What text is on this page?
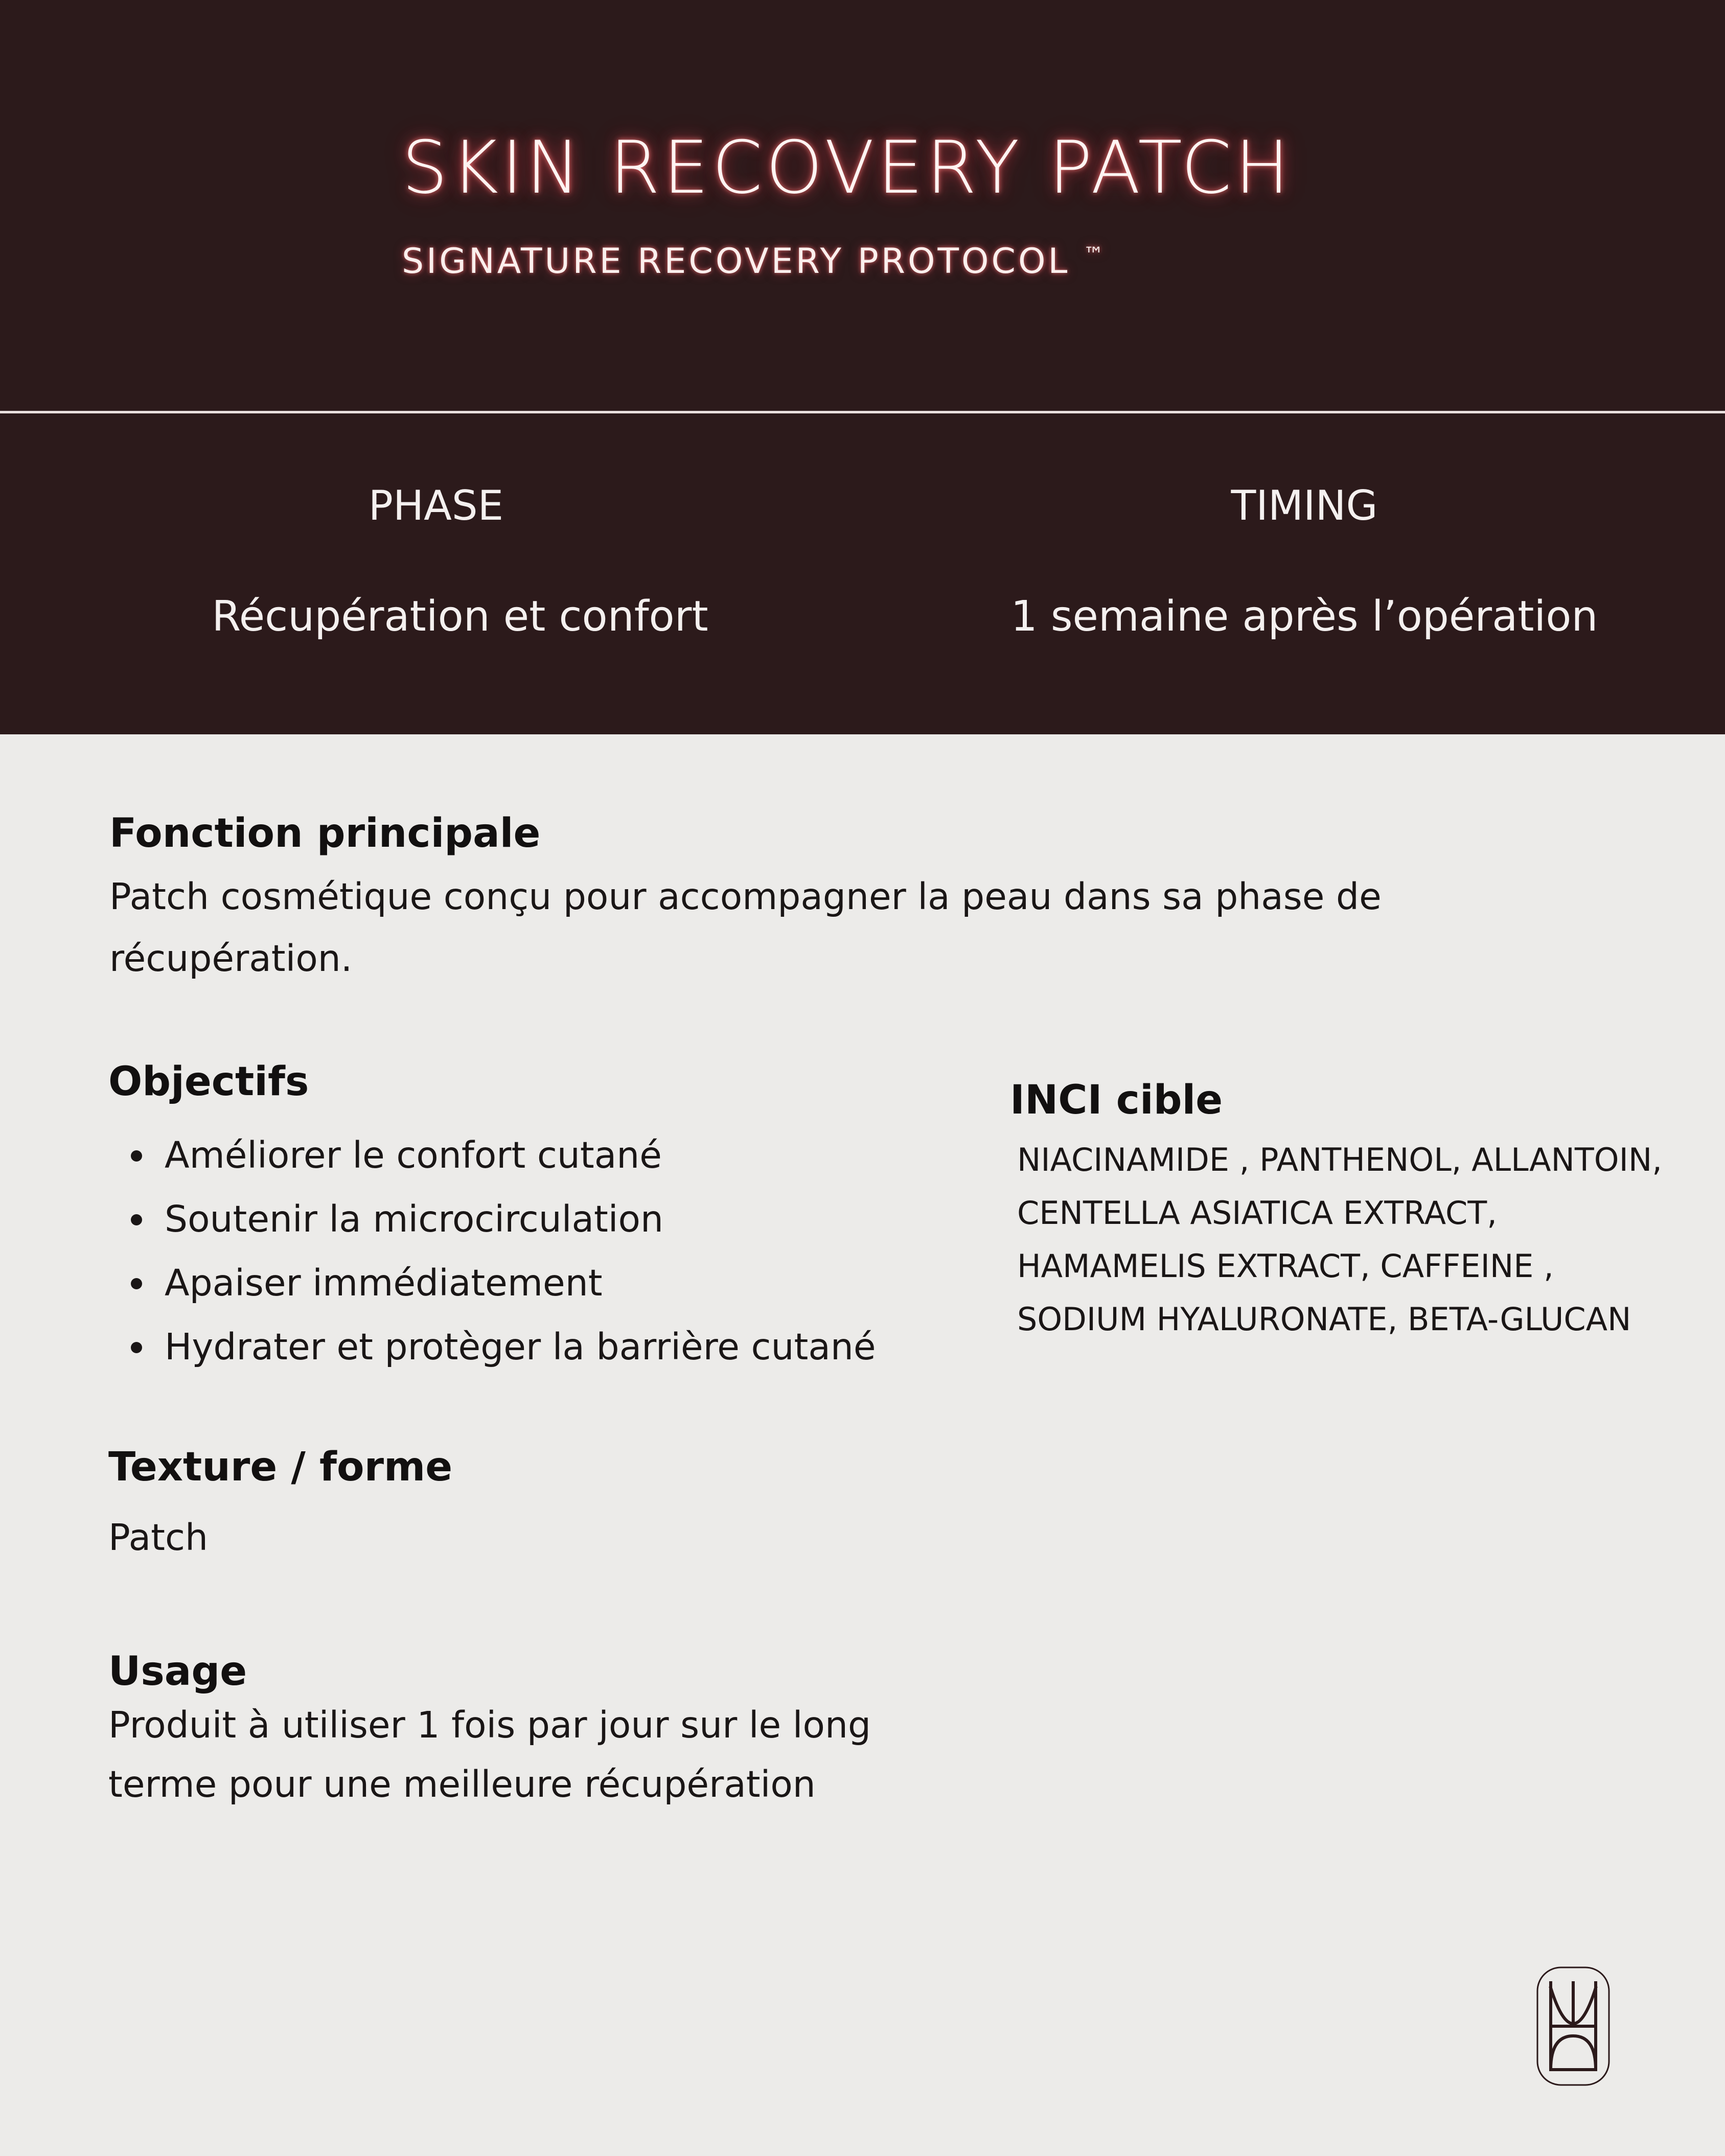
SKIN RECOVERY PATCH
SIGNATURE RECOVERY PROTOCOL ™
PHASE	TIMING
Récupération et confort	1 semaine après l’opération
Fonction principale

Patch cosmétique conçu pour accompagner la peau dans sa phase de récupération.

Objectifs
Améliorer le confort cutané
Soutenir la microcirculation
Apaiser immédiatement
Hydrater et protèger la barrière cutané
INCI cible

NIACINAMIDE , PANTHENOL, ALLANTOIN, CENTELLA ASIATICA EXTRACT, HAMAMELIS EXTRACT, CAFFEINE , SODIUM HYALURONATE, BETA-GLUCAN

Texture / forme

Patch

Usage

Produit à utiliser 1 fois par jour sur le long terme pour une meilleure récupération
